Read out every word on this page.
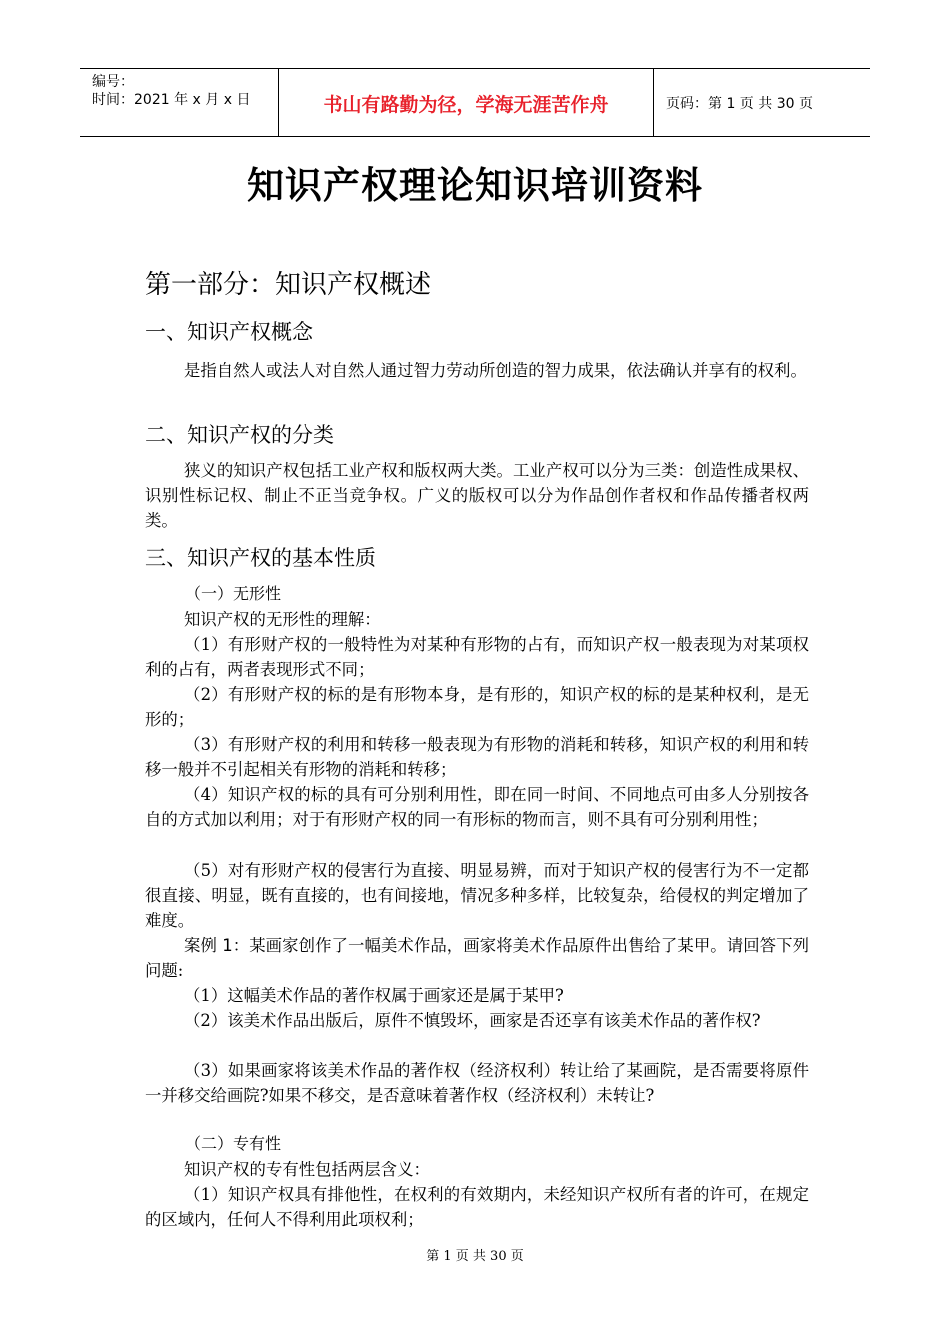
编号：
时间：2021 年 x 月 x 日	书山有路勤为径，学海无涯苦作舟	页码：第 1 页 共 30 页
知识产权理论知识培训资料
第一部分：知识产权概述
一、知识产权概念
是指自然人或法人对自然人通过智力劳动所创造的智力成果，依法确认并享有的权利。
二、知识产权的分类
狭义的知识产权包括工业产权和版权两大类。工业产权可以分为三类：创造性成果权、识别性标记权、制止不正当竞争权。广义的版权可以分为作品创作者权和作品传播者权两类。
三、知识产权的基本性质
（一）无形性
知识产权的无形性的理解：
（1）有形财产权的一般特性为对某种有形物的占有，而知识产权一般表现为对某项权利的占有，两者表现形式不同；
（2）有形财产权的标的是有形物本身，是有形的，知识产权的标的是某种权利，是无形的；
（3）有形财产权的利用和转移一般表现为有形物的消耗和转移，知识产权的利用和转移一般并不引起相关有形物的消耗和转移；
（4）知识产权的标的具有可分别利用性，即在同一时间、不同地点可由多人分别按各自的方式加以利用；对于有形财产权的同一有形标的物而言，则不具有可分别利用性；
（5）对有形财产权的侵害行为直接、明显易辨，而对于知识产权的侵害行为不一定都很直接、明显，既有直接的，也有间接地，情况多种多样，比较复杂，给侵权的判定增加了难度。
案例 1：某画家创作了一幅美术作品，画家将美术作品原件出售给了某甲。请回答下列问题:
（1）这幅美术作品的著作权属于画家还是属于某甲?
（2）该美术作品出版后，原件不慎毁坏，画家是否还享有该美术作品的著作权?
（3）如果画家将该美术作品的著作权（经济权利）转让给了某画院，是否需要将原件一并移交给画院?如果不移交，是否意味着著作权（经济权利）未转让?
（二）专有性
知识产权的专有性包括两层含义：
（1）知识产权具有排他性，在权利的有效期内，未经知识产权所有者的许可，在规定的区域内，任何人不得利用此项权利；
第 1 页 共 30 页
